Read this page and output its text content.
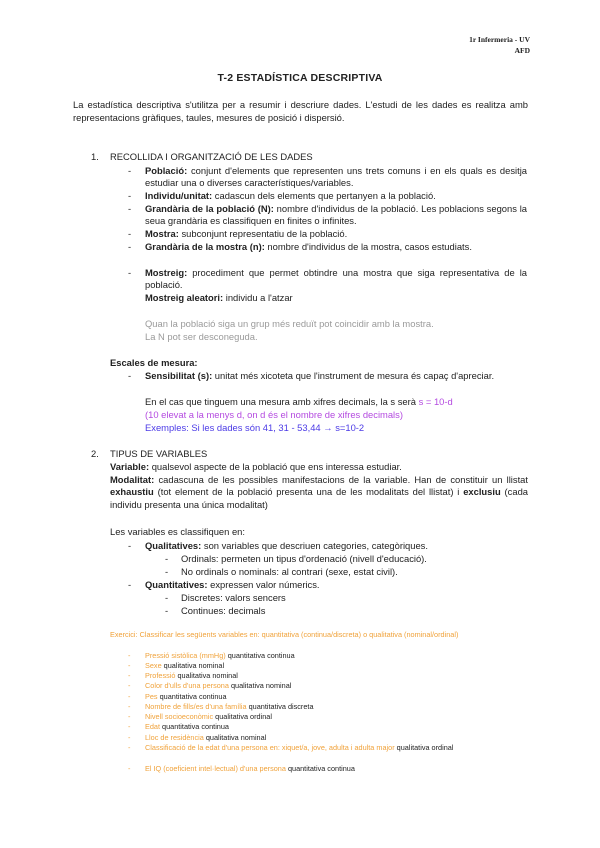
1r Infermeria - UV
AFD
T-2 ESTADÍSTICA DESCRIPTIVA
La estadística descriptiva s'utilitza per a resumir i descriure dades. L'estudi de les dades es realitza amb representacions gràfiques, taules, mesures de posició i dispersió.
1. RECOLLIDA I ORGANITZACIÓ DE LES DADES
- Població: conjunt d'elements que representen uns trets comuns i en els quals es desitja estudiar una o diverses característiques/variables.
- Individu/unitat: cadascun dels elements que pertanyen a la població.
- Grandària de la població (N): nombre d'individus de la població. Les poblacions segons la seua grandària es classifiquen en finites o infinites.
- Mostra: subconjunt representatiu de la població.
- Grandària de la mostra (n): nombre d'individus de la mostra, casos estudiats.
- Mostreig: procediment que permet obtindre una mostra que siga representativa de la població.
Mostreig aleatori: individu a l'atzar
Quan la població siga un grup més reduït pot coincidir amb la mostra.
La N pot ser desconeguda.
Escales de mesura:
- Sensibilitat (s): unitat més xicoteta que l'instrument de mesura és capaç d'apreciar.
En el cas que tinguem una mesura amb xifres decimals, la s serà s = 10-d
(10 elevat a la menys d, on d és el nombre de xifres decimals)
Exemples: Si les dades són 41, 31 - 53,44 → s=10-2
2. TIPUS DE VARIABLES
Variable: qualsevol aspecte de la població que ens interessa estudiar.
Modalitat: cadascuna de les possibles manifestacions de la variable. Han de constituir un llistat exhaustiu (tot element de la població presenta una de les modalitats del llistat) i exclusiu (cada individu presenta una única modalitat)
Les variables es classifiquen en:
- Qualitatives: son variables que descriuen categories, categòriques.
- Ordinals: permeten un tipus d'ordenació (nivell d'educació).
- No ordinals o nominals: al contrari (sexe, estat civil).
- Quantitatives: expressen valor númerics.
- Discretes: valors sencers
- Continues: decimals
Exercici: Classificar les següents variables en: quantitativa (continua/discreta) o qualitativa (nominal/ordinal)
- Pressió sistòlica (mmHg) quantitativa continua
- Sexe qualitativa nominal
- Professió qualitativa nominal
- Color d'ulls d'una persona qualitativa nominal
- Pes quantitativa continua
- Nombre de fills/es d'una família quantitativa discreta
- Nivell socioeconòmic qualitativa ordinal
- Edat quantitativa continua
- Lloc de residència qualitativa nominal
- Classificació de la edat d'una persona en: xiquet/a, jove, adulta i adulta major qualitativa ordinal
- El IQ (coeficient intel·lectual) d'una persona quantitativa continua
